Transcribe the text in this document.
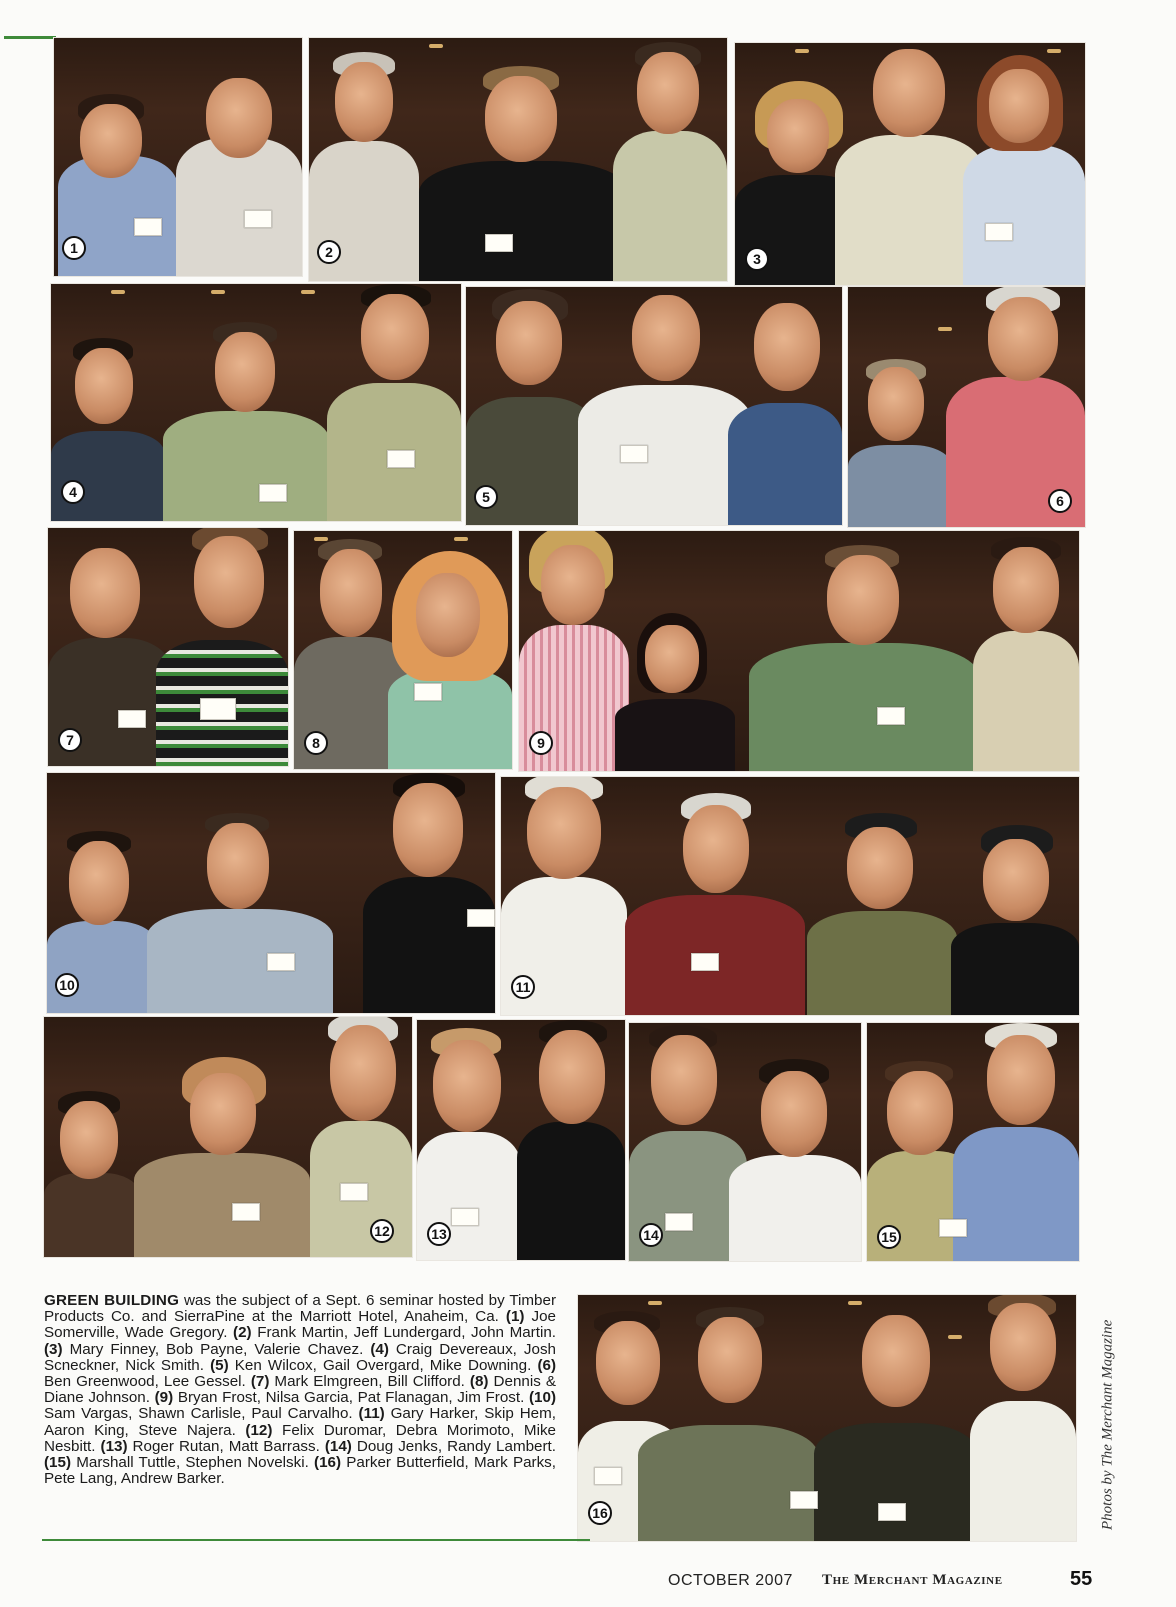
1	2	3
4	5	6
7	8	9
10	11
12	13	14	15
16
GREEN BUILDING was the subject of a Sept. 6 seminar hosted by Timber Products Co. and SierraPine at the Marriott Hotel, Anaheim, Ca. (1) Joe Somerville, Wade Gregory. (2) Frank Martin, Jeff Lundergard, John Martin. (3) Mary Finney, Bob Payne, Valerie Chavez. (4) Craig Devereaux, Josh Scneckner, Nick Smith. (5) Ken Wilcox, Gail Overgard, Mike Downing. (6) Ben Greenwood, Lee Gessel. (7) Mark Elmgreen, Bill Clifford. (8) Dennis & Diane Johnson. (9) Bryan Frost, Nilsa Garcia, Pat Flanagan, Jim Frost. (10) Sam Vargas, Shawn Carlisle, Paul Carvalho. (11) Gary Harker, Skip Hem, Aaron King, Steve Najera. (12) Felix Duromar, Debra Morimoto, Mike Nesbitt. (13) Roger Rutan, Matt Barrass. (14) Doug Jenks, Randy Lambert. (15) Marshall Tuttle, Stephen Novelski. (16) Parker Butterfield, Mark Parks, Pete Lang, Andrew Barker.	Photos by The Merchant Magazine
OCTOBER 2007 The Merchant Magazine	55
